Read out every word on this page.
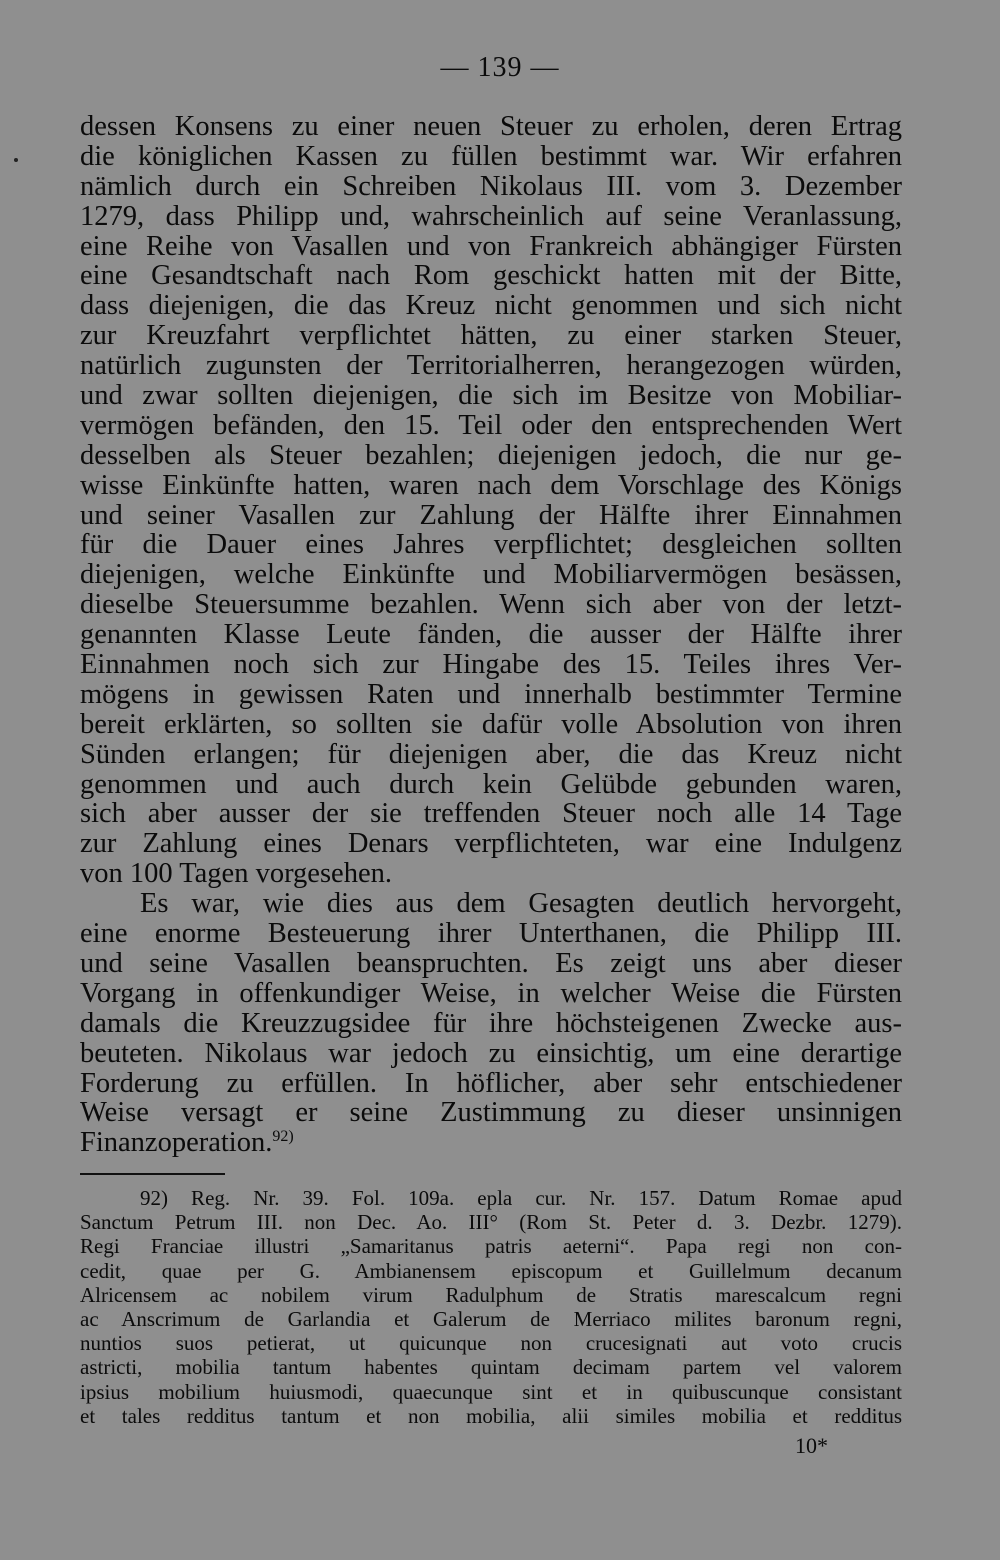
— 139 —
dessen Konsens zu einer neuen Steuer zu erholen, deren Ertrag
die königlichen Kassen zu füllen bestimmt war. Wir erfahren
nämlich durch ein Schreiben Nikolaus III. vom 3. Dezember
1279, dass Philipp und, wahrscheinlich auf seine Veranlassung,
eine Reihe von Vasallen und von Frankreich abhängiger Fürsten
eine Gesandtschaft nach Rom geschickt hatten mit der Bitte,
dass diejenigen, die das Kreuz nicht genommen und sich nicht
zur Kreuzfahrt verpflichtet hätten, zu einer starken Steuer,
natürlich zugunsten der Territorialherren, herangezogen würden,
und zwar sollten diejenigen, die sich im Besitze von Mobiliar-
vermögen befänden, den 15. Teil oder den entsprechenden Wert
desselben als Steuer bezahlen; diejenigen jedoch, die nur ge-
wisse Einkünfte hatten, waren nach dem Vorschlage des Königs
und seiner Vasallen zur Zahlung der Hälfte ihrer Einnahmen
für die Dauer eines Jahres verpflichtet; desgleichen sollten
diejenigen, welche Einkünfte und Mobiliarvermögen besässen,
dieselbe Steuersumme bezahlen. Wenn sich aber von der letzt-
genannten Klasse Leute fänden, die ausser der Hälfte ihrer
Einnahmen noch sich zur Hingabe des 15. Teiles ihres Ver-
mögens in gewissen Raten und innerhalb bestimmter Termine
bereit erklärten, so sollten sie dafür volle Absolution von ihren
Sünden erlangen; für diejenigen aber, die das Kreuz nicht
genommen und auch durch kein Gelübde gebunden waren,
sich aber ausser der sie treffenden Steuer noch alle 14 Tage
zur Zahlung eines Denars verpflichteten, war eine Indulgenz
von 100 Tagen vorgesehen.
Es war, wie dies aus dem Gesagten deutlich hervorgeht,
eine enorme Besteuerung ihrer Unterthanen, die Philipp III.
und seine Vasallen beanspruchten. Es zeigt uns aber dieser
Vorgang in offenkundiger Weise, in welcher Weise die Fürsten
damals die Kreuzzugsidee für ihre höchsteigenen Zwecke aus-
beuteten. Nikolaus war jedoch zu einsichtig, um eine derartige
Forderung zu erfüllen. In höflicher, aber sehr entschiedener
Weise versagt er seine Zustimmung zu dieser unsinnigen
Finanzoperation.$^{92)}$
92) Reg. Nr. 39. Fol. 109a. epla cur. Nr. 157. Datum Romae apud
Sanctum Petrum III. non Dec. Ao. III° (Rom St. Peter d. 3. Dezbr. 1279).
Regi Franciae illustri „Samaritanus patris aeterni“. Papa regi non con-
cedit, quae per G. Ambianensem episcopum et Guillelmum decanum
Alricensem ac nobilem virum Radulphum de Stratis marescalcum regni
ac Anscrimum de Garlandia et Galerum de Merriaco milites baronum regni,
nuntios suos petierat, ut quicunque non crucesignati aut voto crucis
astricti, mobilia tantum habentes quintam decimam partem vel valorem
ipsius mobilium huiusmodi, quaecunque sint et in quibuscunque consistant
et tales redditus tantum et non mobilia, alii similes mobilia et redditus
10*
